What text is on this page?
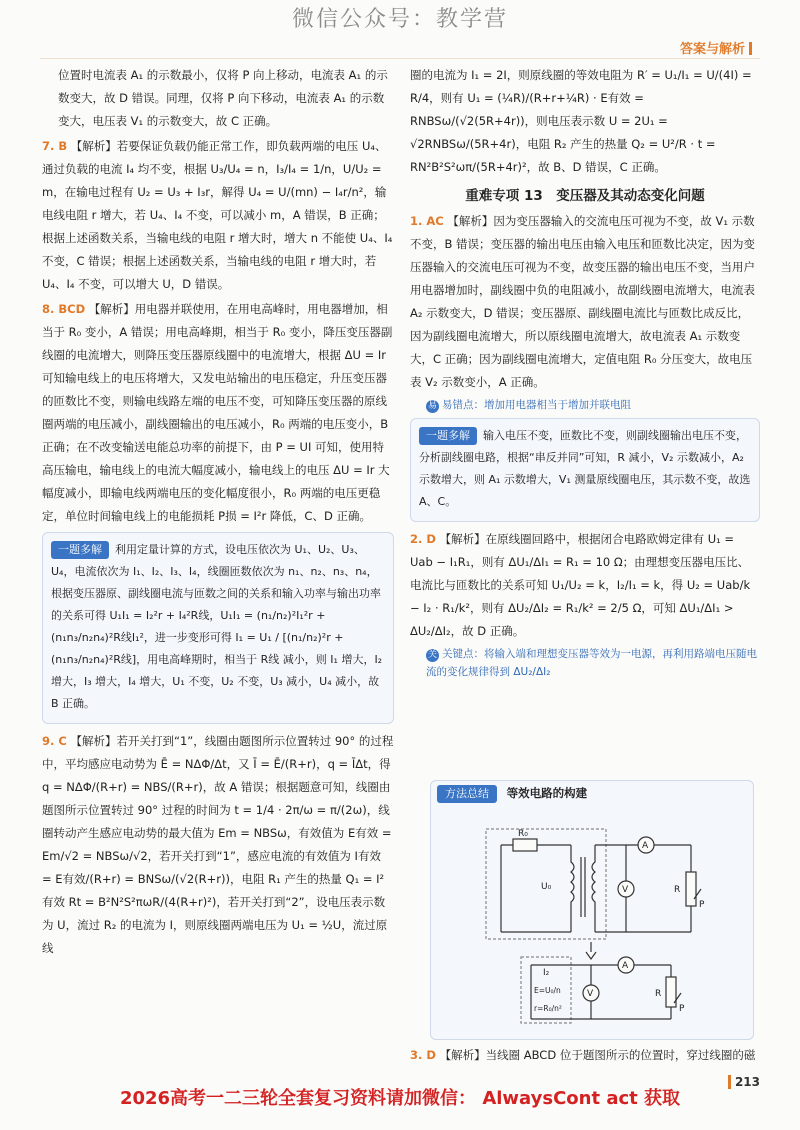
微信公众号：教学营
答案与解析

位置时电流表 A₁ 的示数最小，仅将 P 向上移动，电流表 A₁ 的示数变大，故 D 错误。同理，仅将 P 向下移动，电流表 A₁ 的示数变大，电压表 V₁ 的示数变大，故 C 正确。

7. B 【解析】若要保证负载仍能正常工作，即负载两端的电压 U₄、通过负载的电流 I₄ 均不变，根据 U₃/U₄ = n，I₃/I₄ = 1/n，U/U₂ = m，在输电过程有 U₂ = U₃ + I₃r，解得 U₄ = U/(mn) − I₄r/n²，输电线电阻 r 增大，若 U₄、I₄ 不变，可以减小 m，A 错误，B 正确；根据上述函数关系，当输电线的电阻 r 增大时，增大 n 不能使 U₄、I₄ 不变，C 错误；根据上述函数关系，当输电线的电阻 r 增大时，若 U₄、I₄ 不变，可以增大 U，D 错误。

8. BCD 【解析】用电器并联使用，在用电高峰时，用电器增加，相当于 R₀ 变小，A 错误；用电高峰期，相当于 R₀ 变小，降压变压器副线圈的电流增大，则降压变压器原线圈中的电流增大，根据 ΔU = Ir 可知输电线上的电压将增大，又发电站输出的电压稳定，升压变压器的匝数比不变，则输电线路左端的电压不变，可知降压变压器的原线圈两端的电压减小，副线圈输出的电压减小，R₀ 两端的电压变小，B 正确；在不改变输送电能总功率的前提下，由 P = UI 可知，使用特高压输电，输电线上的电流大幅度减小，输电线上的电压 ΔU = Ir 大幅度减小，即输电线两端电压的变化幅度很小，R₀ 两端的电压更稳定，单位时间输电线上的电能损耗 P损 = I²r 降低，C、D 正确。

一题多解 利用定量计算的方式，设电压依次为 U₁、U₂、U₃、U₄，电流依次为 I₁、I₂、I₃、I₄，线圈匝数依次为 n₁、n₂、n₃、n₄，根据变压器原、副线圈电流与匝数之间的关系和输入功率与输出功率的关系可得 U₁I₁ = I₂²r + I₄²R线，U₁I₁ = (n₁/n₂)²I₁²r + (n₁n₃/n₂n₄)²R线I₁²，进一步变形可得 I₁ = U₁ / [(n₁/n₂)²r + (n₁n₃/n₂n₄)²R线]，用电高峰期时，相当于 R线 减小，则 I₁ 增大，I₂ 增大，I₃ 增大，I₄ 增大，U₁ 不变，U₂ 不变，U₃ 减小，U₄ 减小，故 B 正确。

9. C 【解析】若开关打到“1”，线圈由题图所示位置转过 90° 的过程中，平均感应电动势为 Ē = NΔΦ/Δt，又 Ī = Ē/(R+r)，q = ĪΔt，得 q = NΔΦ/(R+r) = NBS/(R+r)，故 A 错误；根据题意可知，线圈由题图所示位置转过 90° 过程的时间为 t = 1/4 · 2π/ω = π/(2ω)，线圈转动产生感应电动势的最大值为 Em = NBSω，有效值为 E有效 = Em/√2 = NBSω/√2，若开关打到“1”，感应电流的有效值为 I有效 = E有效/(R+r) = BNSω/(√2(R+r))，电阻 R₁ 产生的热量 Q₁ = I²有效 Rt = B²N²S²πωR/(4(R+r)²)，若开关打到“2”，设电压表示数为 U，流过 R₂ 的电流为 I，则原线圈两端电压为 U₁ = ½U，流过原线

圈的电流为 I₁ = 2I，则原线圈的等效电阻为 R′ = U₁/I₁ = U/(4I) = R/4，则有 U₁ = (¼R)/(R+r+¼R) · E有效 = RNBSω/(√2(5R+4r))，则电压表示数 U = 2U₁ = √2RNBSω/(5R+4r)，电阻 R₂ 产生的热量 Q₂ = U²/R · t = RN²B²S²ωπ/(5R+4r)²，故 B、D 错误，C 正确。

重难专项 13　变压器及其动态变化问题

1. AC 【解析】因为变压器输入的交流电压可视为不变，故 V₁ 示数不变，B 错误；变压器的输出电压由输入电压和匝数比决定，因为变压器输入的交流电压可视为不变，故变压器的输出电压不变，当用户用电器增加时，副线圈中负的电阻减小，故副线圈电流增大，电流表 A₂ 示数变大，D 错误；变压器原、副线圈电流比与匝数比成反比，因为副线圈电流增大，所以原线圈电流增大，故电流表 A₁ 示数变大，C 正确；因为副线圈电流增大，定值电阻 R₀ 分压变大，故电压表 V₂ 示数变小，A 正确。

易 易错点：增加用电器相当于增加并联电阻

一题多解 输入电压不变，匝数比不变，则副线圈输出电压不变，分析副线圈电路，根据“串反并同”可知，R 减小，V₂ 示数减小，A₂ 示数增大，则 A₁ 示数增大，V₁ 测量原线圈电压，其示数不变，故选 A、C。

2. D 【解析】在原线圈回路中，根据闭合电路欧姆定律有 U₁ = Uab − I₁R₁，则有 ΔU₁/ΔI₁ = R₁ = 10 Ω；由理想变压器电压比、电流比与匝数比的关系可知 U₁/U₂ = k，I₂/I₁ = k，得 U₂ = Uab/k − I₂ · R₁/k²，则有 ΔU₂/ΔI₂ = R₁/k² = 2/5 Ω，可知 ΔU₁/ΔI₁ > ΔU₂/ΔI₂，故 D 正确。

关 关键点：将输入端和理想变压器等效为一电源，再利用路端电压随电流的变化规律得到 ΔU₂/ΔI₂

方法总结 等效电路的构建
R₀
U₀
A
V	R
P
I₂
E=U₀/n
r=R₀/n²
A
V	R
P

3. D 【解析】当线圈 ABCD 位于题图所示的位置时，穿过线圈的磁

213
2026高考一二三轮全套复习资料请加微信： AlwaysCont act 获取
